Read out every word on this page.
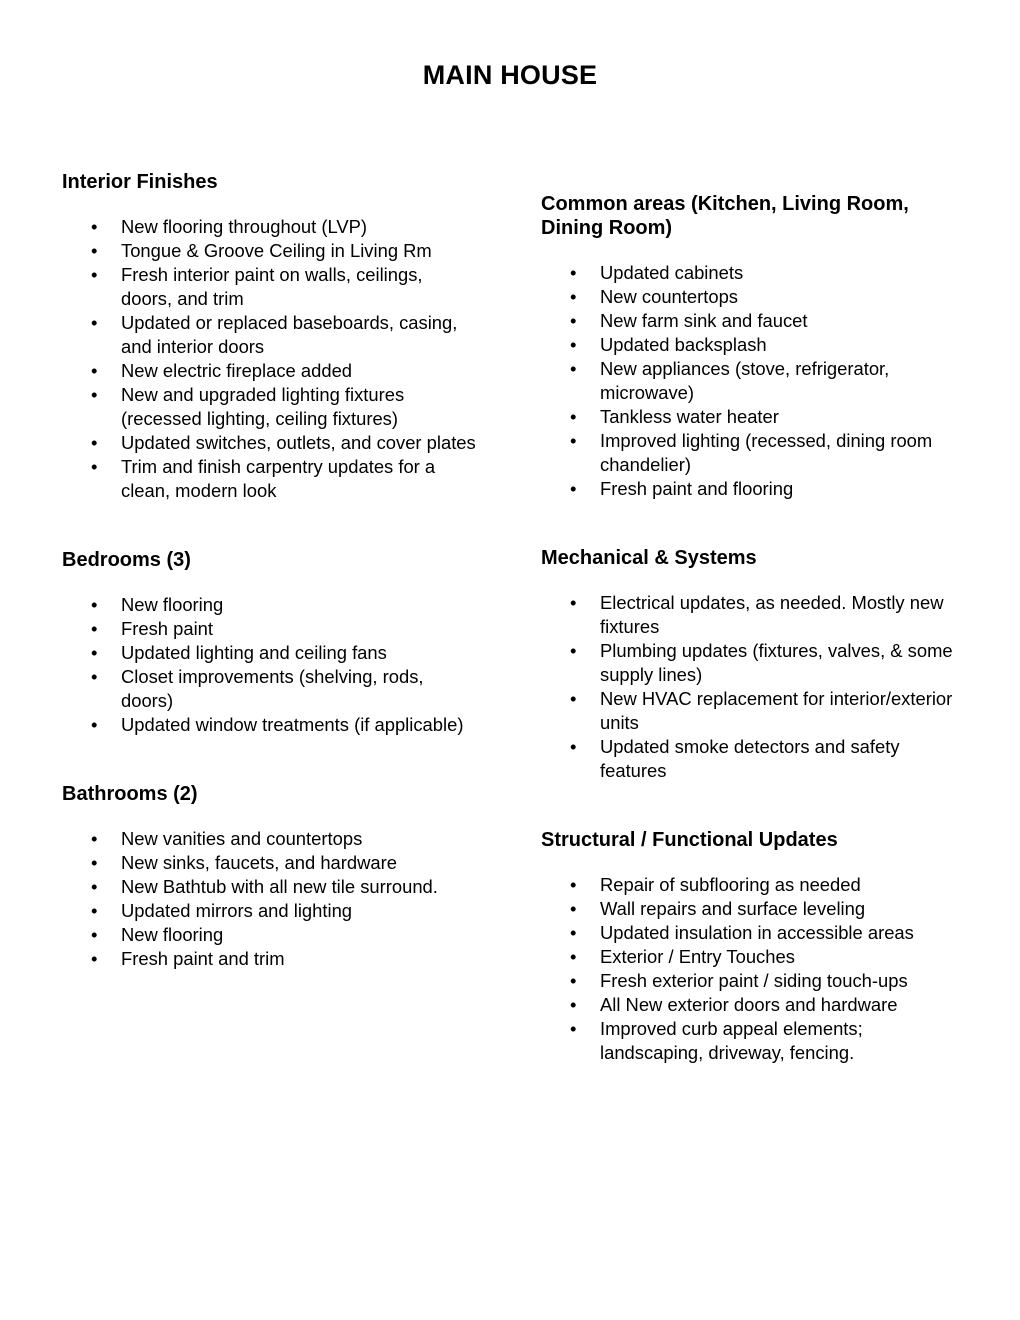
MAIN HOUSE
Interior Finishes
• New flooring throughout (LVP)
• Tongue & Groove Ceiling in Living Rm
• Fresh interior paint on walls, ceilings, doors, and trim
• Updated or replaced baseboards, casing, and interior doors
• New electric fireplace added
• New and upgraded lighting fixtures (recessed lighting, ceiling fixtures)
• Updated switches, outlets, and cover plates
• Trim and finish carpentry updates for a clean, modern look
Bedrooms (3)
• New flooring
• Fresh paint
• Updated lighting and ceiling fans
• Closet improvements (shelving, rods, doors)
• Updated window treatments (if applicable)
Bathrooms (2)
• New vanities and countertops
• New sinks, faucets, and hardware
• New Bathtub with all new tile surround.
• Updated mirrors and lighting
• New flooring
• Fresh paint and trim
Common areas (Kitchen, Living Room, Dining Room)
• Updated cabinets
• New countertops
• New farm sink and faucet
• Updated backsplash
• New appliances (stove, refrigerator, microwave)
• Tankless water heater
• Improved lighting (recessed, dining room chandelier)
• Fresh paint and flooring
Mechanical & Systems
• Electrical updates, as needed. Mostly new fixtures
• Plumbing updates (fixtures, valves, & some supply lines)
• New HVAC replacement for interior/exterior units
• Updated smoke detectors and safety features
Structural / Functional Updates
• Repair of subflooring as needed
• Wall repairs and surface leveling
• Updated insulation in accessible areas
• Exterior / Entry Touches
• Fresh exterior paint / siding touch-ups
• All New exterior doors and hardware
• Improved curb appeal elements; landscaping, driveway, fencing.
